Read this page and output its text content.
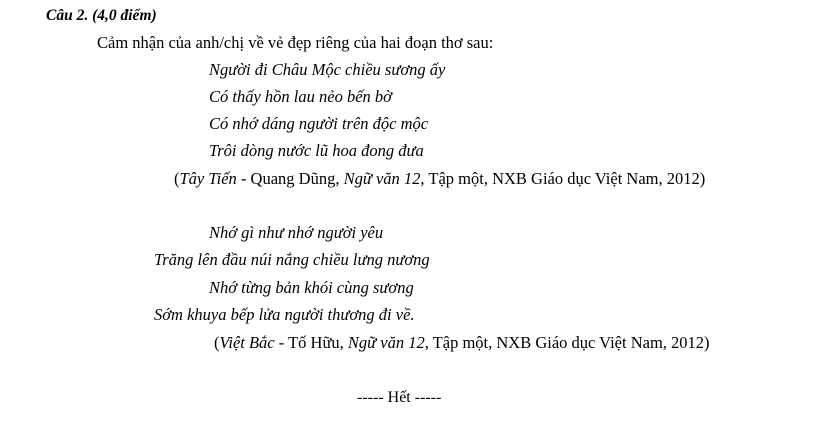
Câu 2. (4,0 điểm)
Cảm nhận của anh/chị về vẻ đẹp riêng của hai đoạn thơ sau:
Người đi Châu Mộc chiều sương ấy
Có thấy hồn lau nẻo bến bờ
Có nhớ dáng người trên độc mộc
Trôi dòng nước lũ hoa đong đưa
(Tây Tiến - Quang Dũng, Ngữ văn 12, Tập một, NXB Giáo dục Việt Nam, 2012)
Nhớ gì như nhớ người yêu
Trăng lên đầu núi nắng chiều lưng nương
Nhớ từng bản khói cùng sương
Sớm khuya bếp lửa người thương đi về.
(Việt Bắc - Tố Hữu, Ngữ văn 12, Tập một, NXB Giáo dục Việt Nam, 2012)
----- Hết -----
